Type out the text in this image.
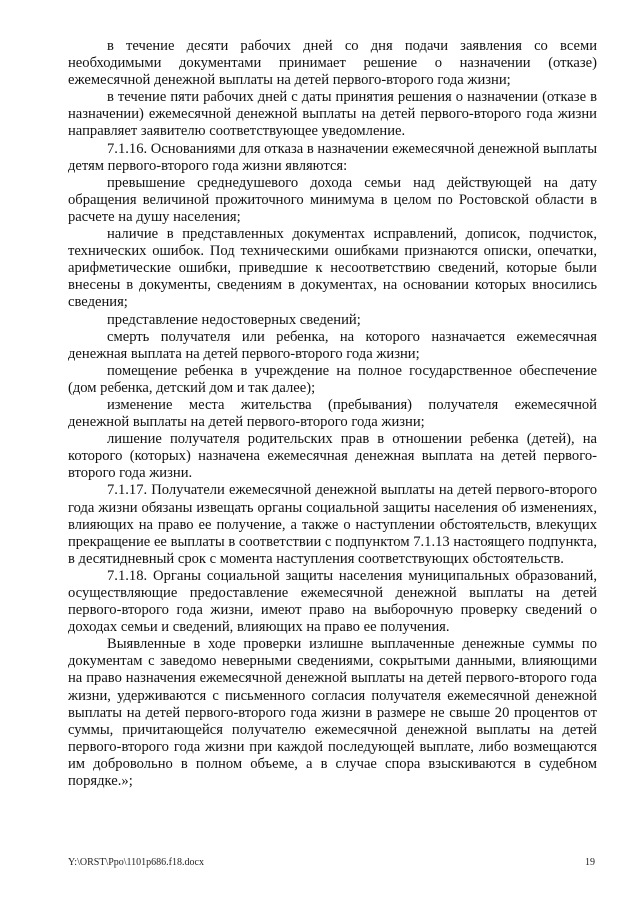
в течение десяти рабочих дней со дня подачи заявления со всеми необходимыми документами принимает решение о назначении (отказе) ежемесячной денежной выплаты на детей первого-второго года жизни;

в течение пяти рабочих дней с даты принятия решения о назначении (отказе в назначении) ежемесячной денежной выплаты на детей первого-второго года жизни направляет заявителю соответствующее уведомление.

7.1.16. Основаниями для отказа в назначении ежемесячной денежной выплаты детям первого-второго года жизни являются:

превышение среднедушевого дохода семьи над действующей на дату обращения величиной прожиточного минимума в целом по Ростовской области в расчете на душу населения;

наличие в представленных документах исправлений, дописок, подчисток, технических ошибок. Под техническими ошибками признаются описки, опечатки, арифметические ошибки, приведшие к несоответствию сведений, которые были внесены в документы, сведениям в документах, на основании которых вносились сведения;

представление недостоверных сведений;

смерть получателя или ребенка, на которого назначается ежемесячная денежная выплата на детей первого-второго года жизни;

помещение ребенка в учреждение на полное государственное обеспечение (дом ребенка, детский дом и так далее);

изменение места жительства (пребывания) получателя ежемесячной денежной выплаты на детей первого-второго года жизни;

лишение получателя родительских прав в отношении ребенка (детей), на которого (которых) назначена ежемесячная денежная выплата на детей первого-второго года жизни.

7.1.17. Получатели ежемесячной денежной выплаты на детей первого-второго года жизни обязаны извещать органы социальной защиты населения об изменениях, влияющих на право ее получение, а также о наступлении обстоятельств, влекущих прекращение ее выплаты в соответствии с подпунктом 7.1.13 настоящего подпункта, в десятидневный срок с момента наступления соответствующих обстоятельств.

7.1.18. Органы социальной защиты населения муниципальных образований, осуществляющие предоставление ежемесячной денежной выплаты на детей первого-второго года жизни, имеют право на выборочную проверку сведений о доходах семьи и сведений, влияющих на право ее получения.

Выявленные в ходе проверки излишне выплаченные денежные суммы по документам с заведомо неверными сведениями, сокрытыми данными, влияющими на право назначения ежемесячной денежной выплаты на детей первого-второго года жизни, удерживаются с письменного согласия получателя ежемесячной денежной выплаты на детей первого-второго года жизни в размере не свыше 20 процентов от суммы, причитающейся получателю ежемесячной денежной выплаты на детей первого-второго года жизни при каждой последующей выплате, либо возмещаются им добровольно в полном объеме, а в случае спора взыскиваются в судебном порядке.»;

Y:\ORST\Ppo\1101p686.f18.docx	19
